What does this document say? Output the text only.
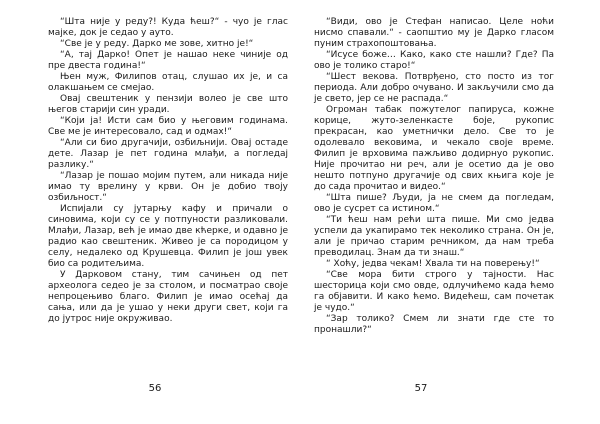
“Шта није у реду?! Куда ћеш?“ - чуо је глас мајке, док је седао у ауто.

“Све је у реду. Дарко ме зове, хитно је!“

“А, тај Дарко! Опет је нашао неке чиније од пре двеста година!“

Њен муж, Филипов отац, слушао их је, и са олакшањем се смејао.

Овај свештеник у пензији волео је све што његов старији син уради.

“Који ја! Исти сам био у његовим годинама. Све ме је интересовало, сад и одмах!“

“Али си био другачији, озбиљнији. Овај остаде дете. Лазар је пет година млађи, а погледај разлику.“

“Лазар је пошао мојим путем, али никада није имао ту врелину у крви. Он је добио твоју озбиљност.“

Испијали су јутарњу кафу и причали о синовима, који су се у потпуности разликовали. Млађи, Лазар, већ је имао две кћерке, и одавно је радио као свештеник. Живео је са породицом у селу, недалеко од Крушевца. Филип је још увек био са родитељима.

У Дарковом стану, тим сачињен од пет археолога седео је за столом, и посматрао своје непроцењиво благо. Филип је имао осећај да сања, или да је ушао у неки други свет, који га до јутрос није окруживао.

56

“Види, ово је Стефан написао. Целе ноћи нисмо спавали.“ - саопштио му је Дарко гласом пуним страхопоштовања.

“Исусе боже… Како, како сте нашли? Где? Па ово је толико старо!“

“Шест векова. Потврђено, сто посто из тог периода. Али добро очувано. И закључили смо да је свето, јер се не распада.“

Огроман табак пожутелог папируса, кожне корице, жуто-зеленкасте боје, рукопис прекрасан, као уметнички дело. Све то је одолевало вековима, и чекало своје време. Филип је врховима пажљиво додирнуо рукопис. Није прочитао ни реч, али је осетио да је ово нешто потпуно другачије од свих књига које је до сада прочитао и видео.“

“Шта пише? Људи, ја не смем да погледам, ово је сусрет са истином.“

“Ти ћеш нам рећи шта пише. Ми смо једва успели да укапирамо тек неколико страна. Он је, али је причао старим речником, да нам треба преводилац. Знам да ти знаш.“

“ Хоћу, једва чекам! Хвала ти на поверењу!“

“Све мора бити строго у тајности. Нас шесторица који смо овде, одлучићемо када ћемо га објавити. И како ћемо. Видећеш, сам почетак је чудо.“

“Зар толико? Смем ли знати где сте то пронашли?“

57
